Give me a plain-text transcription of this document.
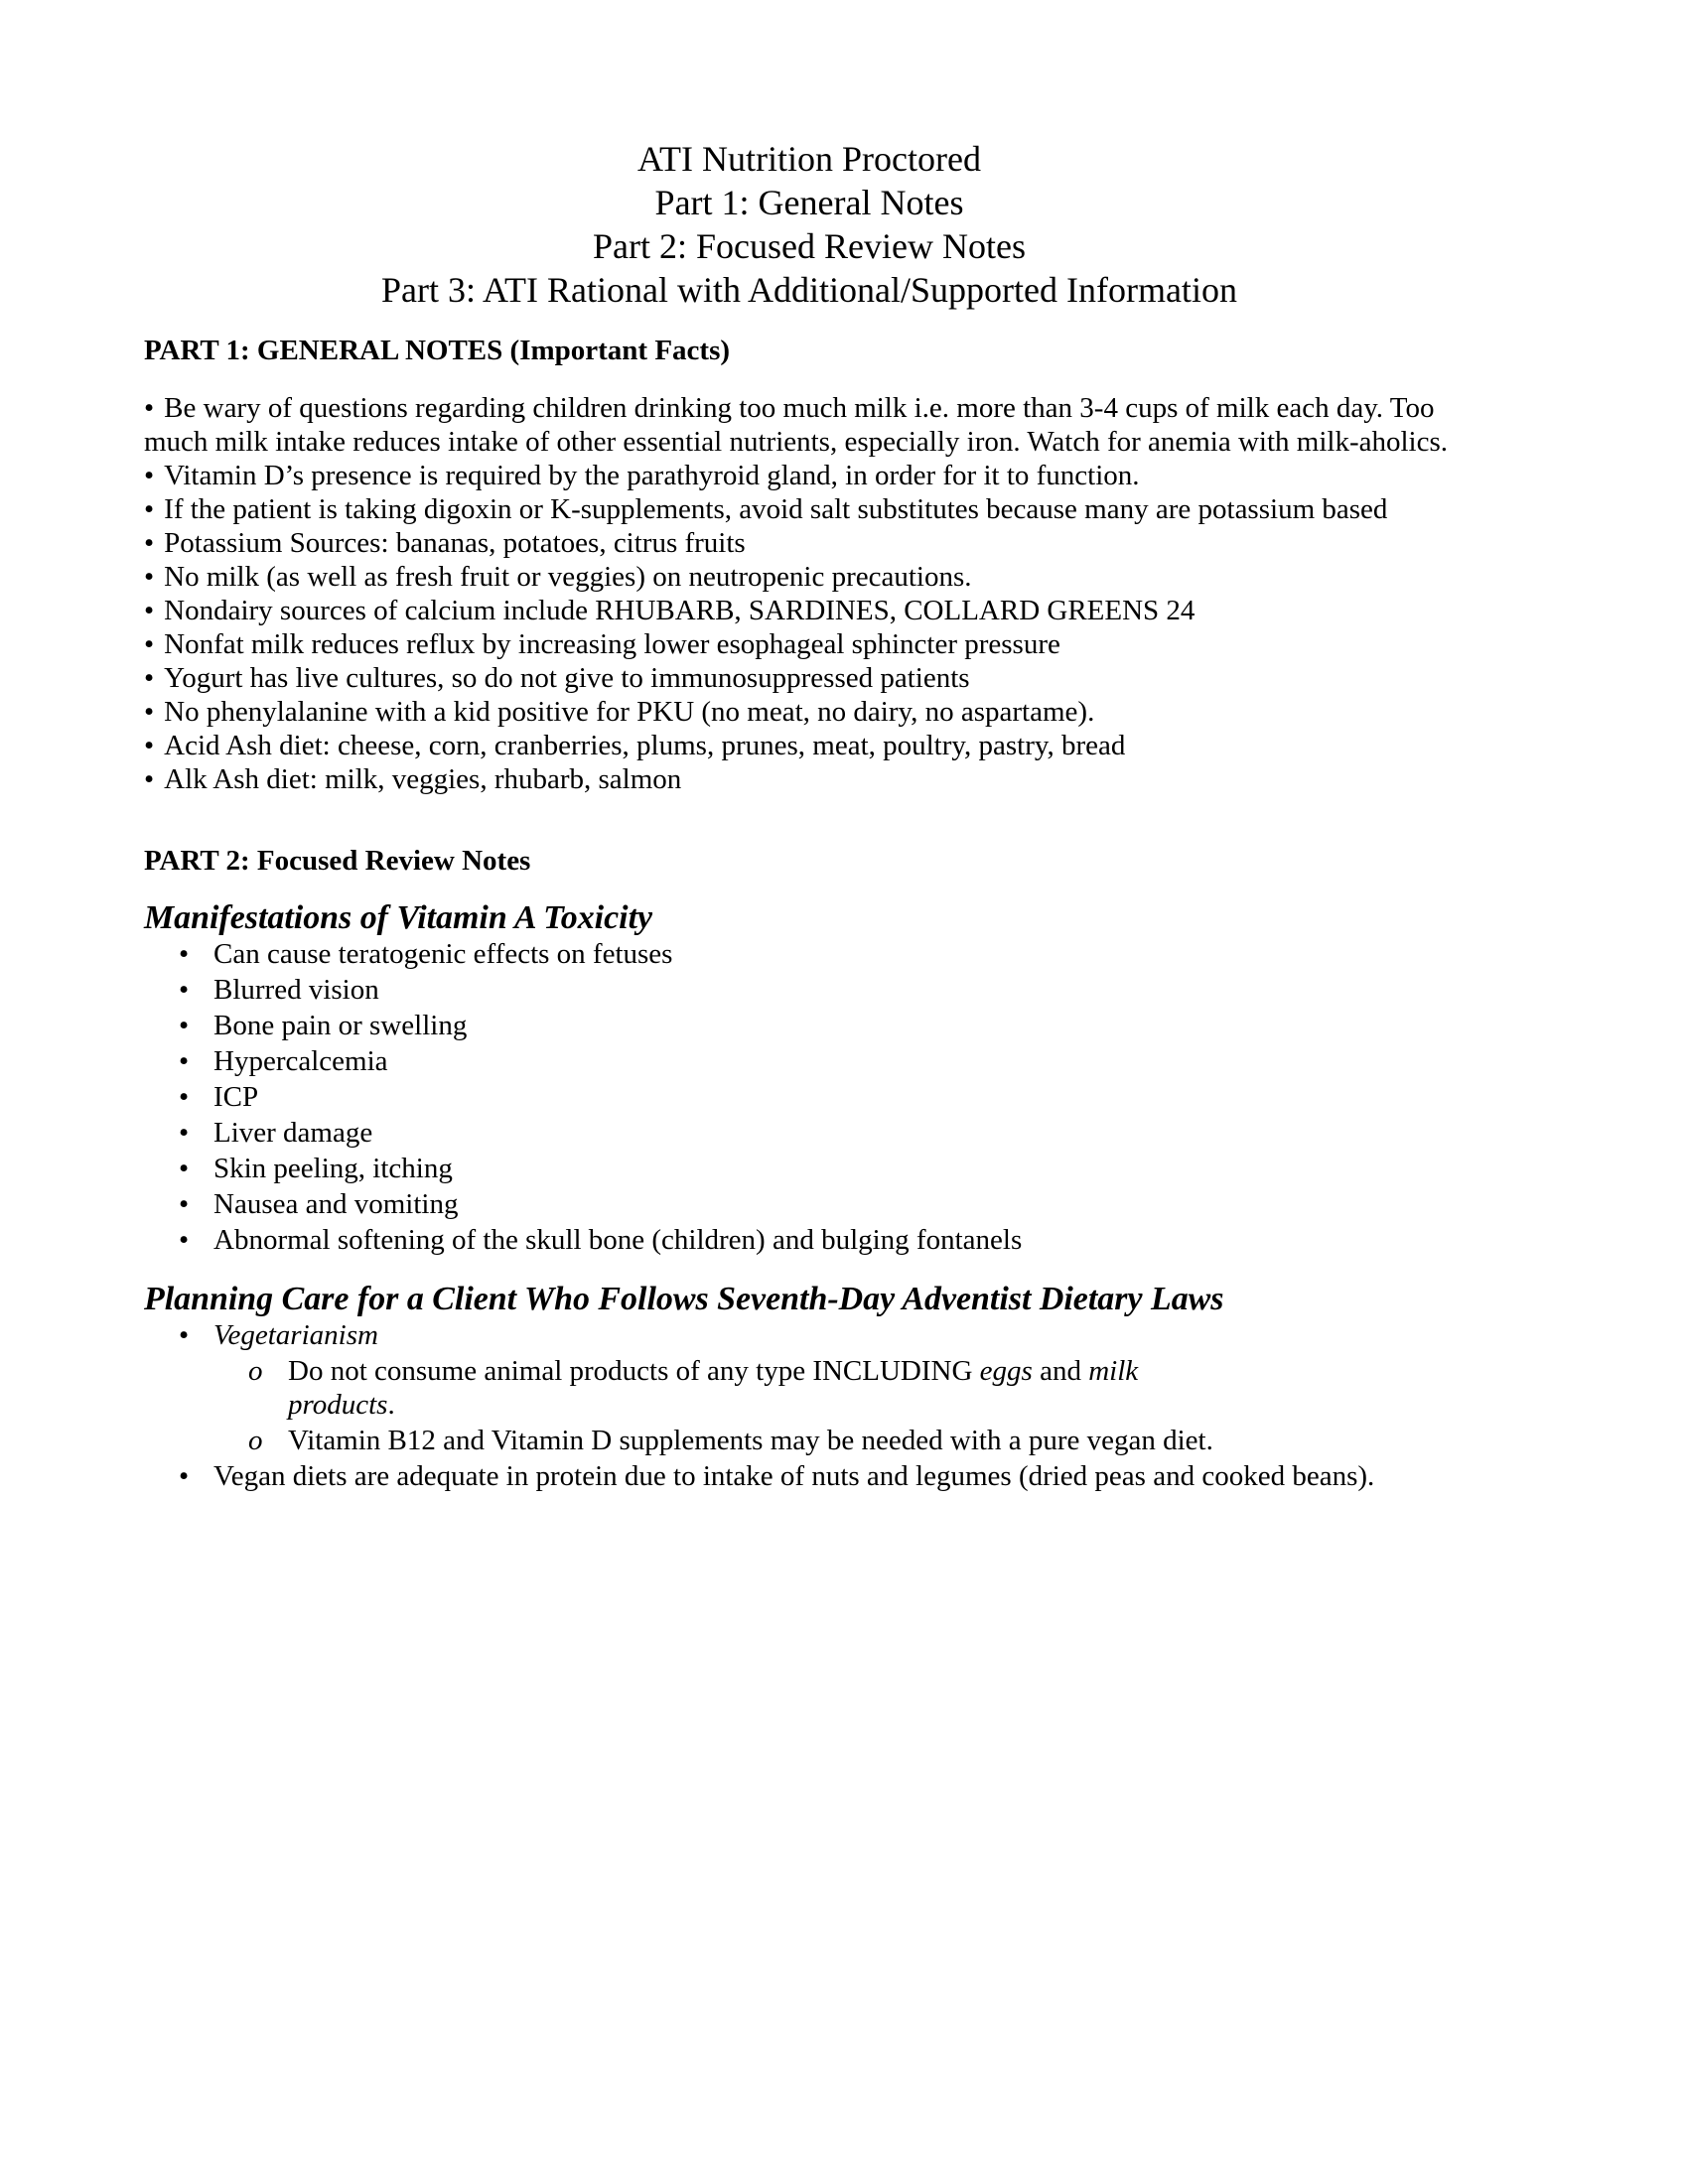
ATI Nutrition Proctored
Part 1: General Notes
Part 2: Focused Review Notes
Part 3: ATI Rational with Additional/Supported Information
PART 1: GENERAL NOTES (Important Facts)

• Be wary of questions regarding children drinking too much milk i.e. more than 3-4 cups of milk each day. Too much milk intake reduces intake of other essential nutrients, especially iron. Watch for anemia with milk-aholics.

• Vitamin D’s presence is required by the parathyroid gland, in order for it to function.

• If the patient is taking digoxin or K-supplements, avoid salt substitutes because many are potassium based

• Potassium Sources: bananas, potatoes, citrus fruits

• No milk (as well as fresh fruit or veggies) on neutropenic precautions.

• Nondairy sources of calcium include RHUBARB, SARDINES, COLLARD GREENS 24

• Nonfat milk reduces reflux by increasing lower esophageal sphincter pressure

• Yogurt has live cultures, so do not give to immunosuppressed patients

• No phenylalanine with a kid positive for PKU (no meat, no dairy, no aspartame).

• Acid Ash diet: cheese, corn, cranberries, plums, prunes, meat, poultry, pastry, bread

• Alk Ash diet: milk, veggies, rhubarb, salmon

PART 2: Focused Review Notes
Manifestations of Vitamin A Toxicity
• Can cause teratogenic effects on fetuses
• Blurred vision
• Bone pain or swelling
• Hypercalcemia
• ICP
• Liver damage
• Skin peeling, itching
• Nausea and vomiting
• Abnormal softening of the skull bone (children) and bulging fontanels
Planning Care for a Client Who Follows Seventh-Day Adventist Dietary Laws
• Vegetarianism
o Do not consume animal products of any type INCLUDING eggs and milk products.
o Vitamin B12 and Vitamin D supplements may be needed with a pure vegan diet.
• Vegan diets are adequate in protein due to intake of nuts and legumes (dried peas and cooked beans).
